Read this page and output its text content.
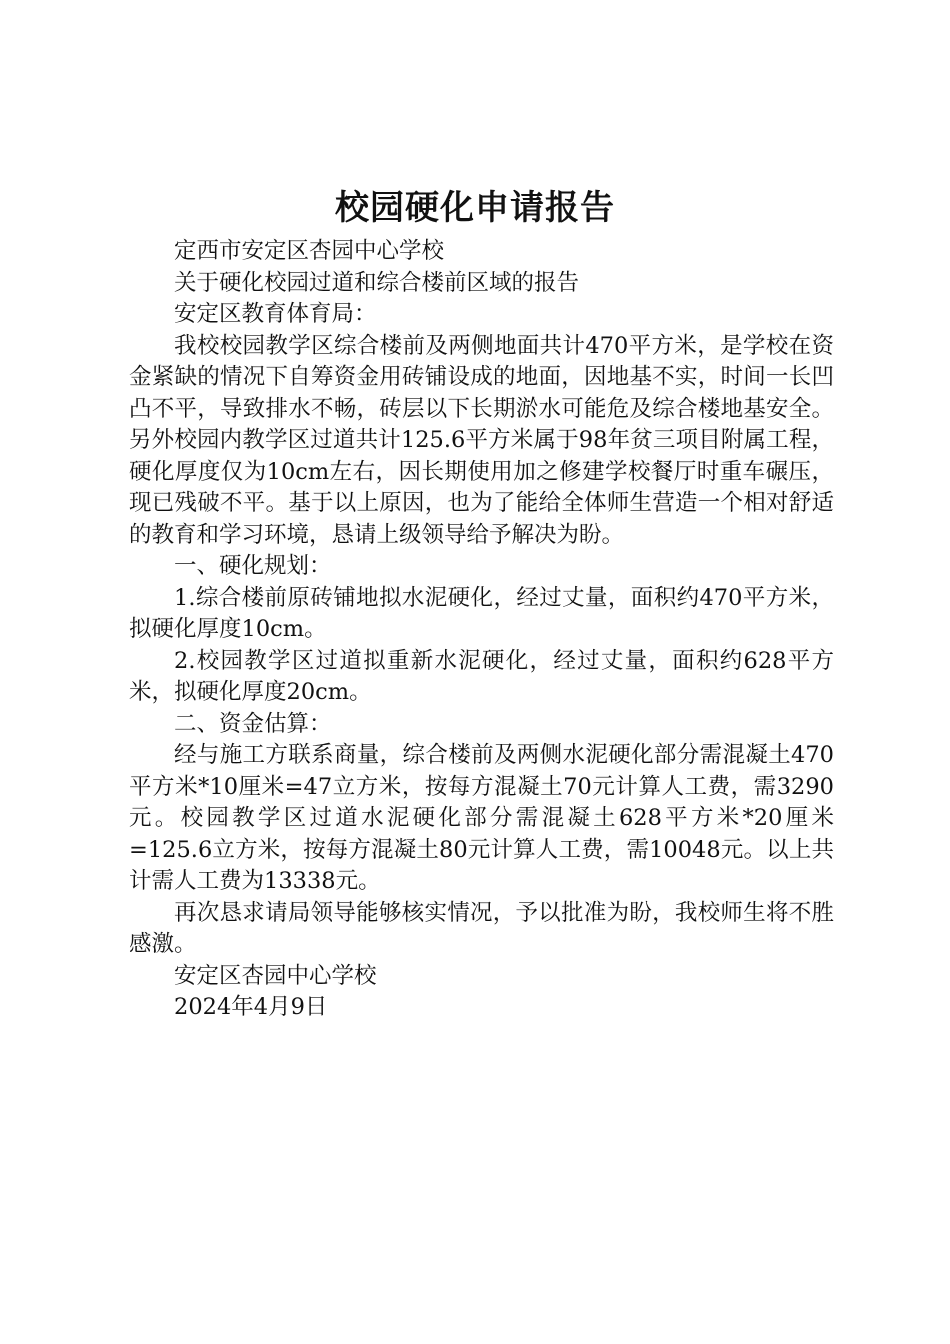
校园硬化申请报告

定西市安定区杏园中心学校

关于硬化校园过道和综合楼前区域的报告

安定区教育体育局：

我校校园教学区综合楼前及两侧地面共计470平方米，是学校在资金紧缺的情况下自筹资金用砖铺设成的地面，因地基不实，时间一长凹凸不平，导致排水不畅，砖层以下长期淤水可能危及综合楼地基安全。另外校园内教学区过道共计125.6平方米属于98年贫三项目附属工程，硬化厚度仅为10cm左右，因长期使用加之修建学校餐厅时重车碾压，现已残破不平。基于以上原因，也为了能给全体师生营造一个相对舒适的教育和学习环境，恳请上级领导给予解决为盼。

一、硬化规划：

1.综合楼前原砖铺地拟水泥硬化，经过丈量，面积约470平方米，拟硬化厚度10cm。

2.校园教学区过道拟重新水泥硬化，经过丈量，面积约628平方米，拟硬化厚度20cm。

二、资金估算：

经与施工方联系商量，综合楼前及两侧水泥硬化部分需混凝土470平方米*10厘米=47立方米，按每方混凝土70元计算人工费，需3290元。校园教学区过道水泥硬化部分需混凝土628平方米*20厘米=125.6立方米，按每方混凝土80元计算人工费，需10048元。以上共计需人工费为13338元。

再次恳求请局领导能够核实情况，予以批准为盼，我校师生将不胜感激。

安定区杏园中心学校

2024年4月9日
